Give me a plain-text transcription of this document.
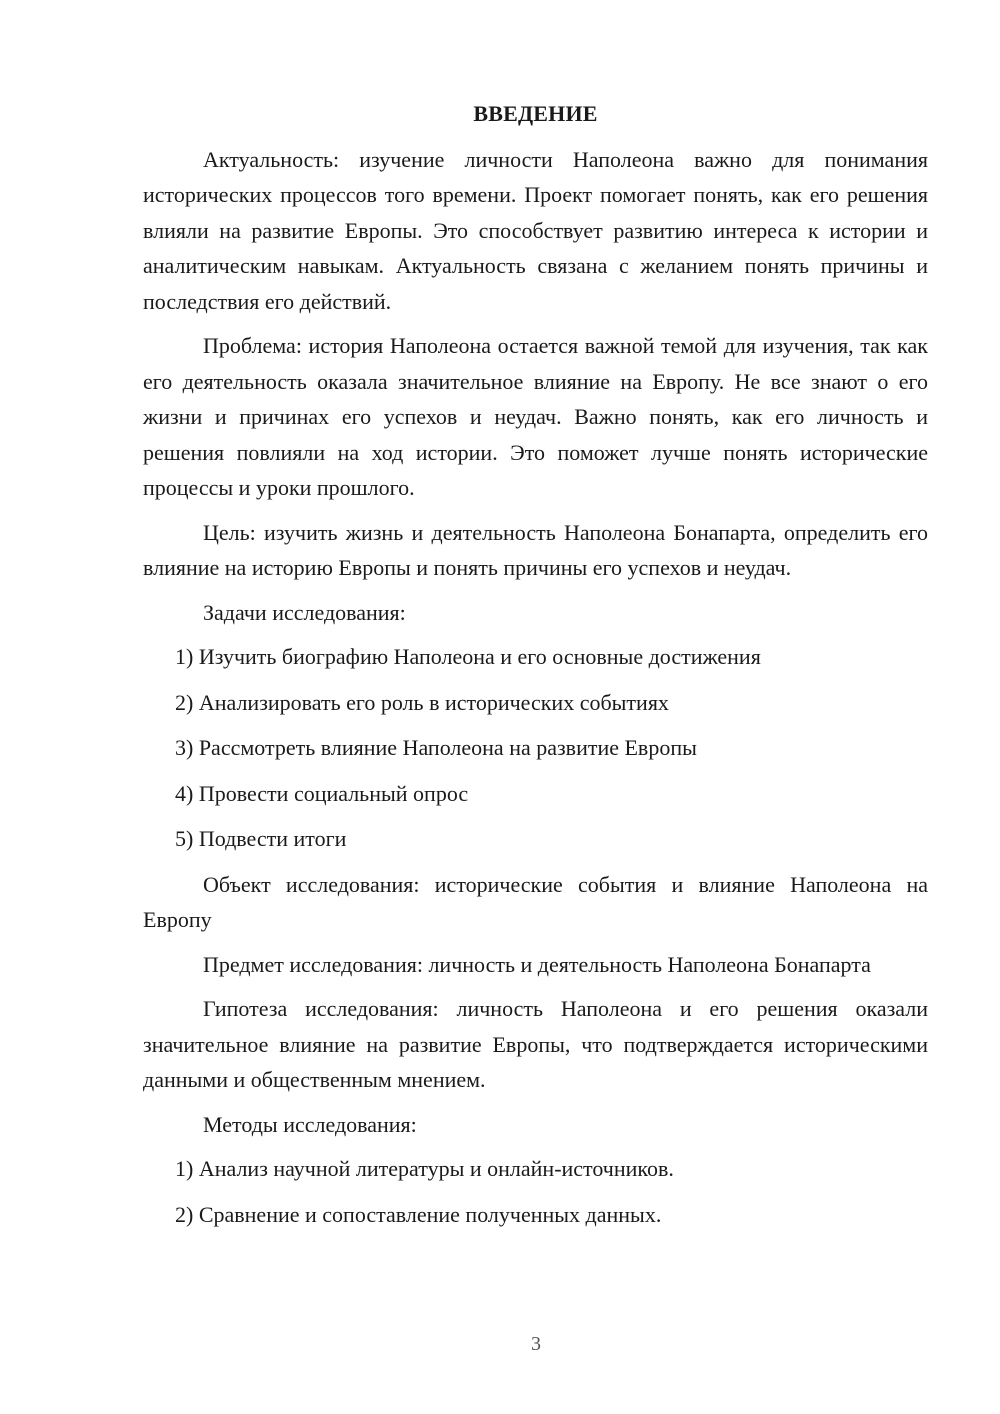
ВВЕДЕНИЕ

Актуальность: изучение личности Наполеона важно для понимания исторических процессов того времени. Проект помогает понять, как его решения влияли на развитие Европы. Это способствует развитию интереса к истории и аналитическим навыкам. Актуальность связана с желанием понять причины и последствия его действий.

Проблема: история Наполеона остается важной темой для изучения, так как его деятельность оказала значительное влияние на Европу. Не все знают о его жизни и причинах его успехов и неудач. Важно понять, как его личность и решения повлияли на ход истории. Это поможет лучше понять исторические процессы и уроки прошлого.

Цель: изучить жизнь и деятельность Наполеона Бонапарта, определить его влияние на историю Европы и понять причины его успехов и неудач.

Задачи исследования:

1) Изучить биографию Наполеона и его основные достижения
2) Анализировать его роль в исторических событиях
3) Рассмотреть влияние Наполеона на развитие Европы
4) Провести социальный опрос
5) Подвести итоги

Объект исследования: исторические события и влияние Наполеона на Европу

Предмет исследования: личность и деятельность Наполеона Бонапарта

Гипотеза исследования: личность Наполеона и его решения оказали значительное влияние на развитие Европы, что подтверждается историческими данными и общественным мнением.

Методы исследования:

1) Анализ научной литературы и онлайн-источников.
2) Сравнение и сопоставление полученных данных.
3
